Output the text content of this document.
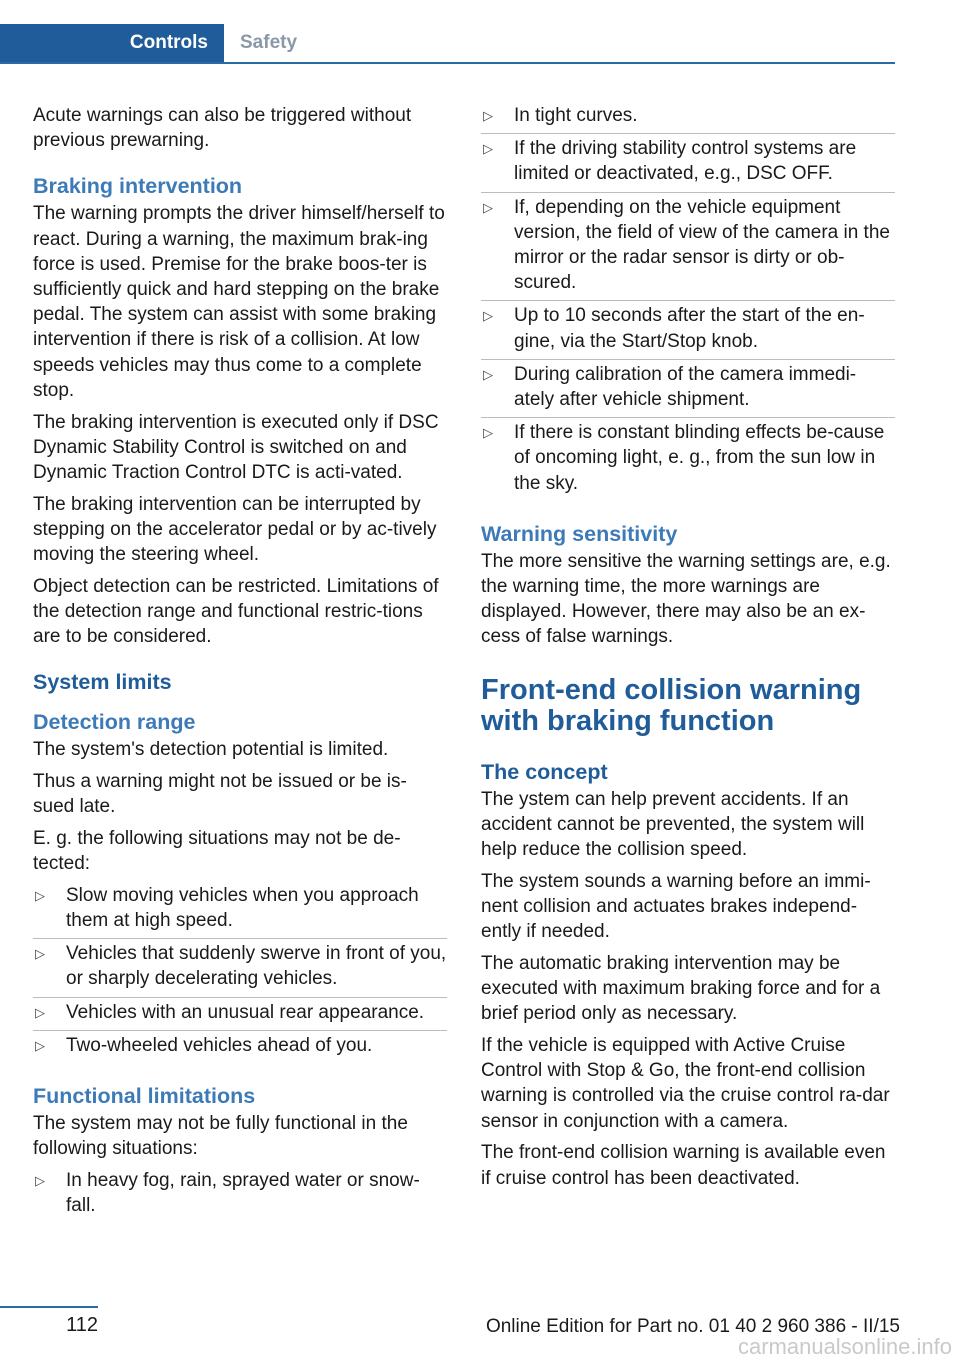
Controls Safety

Acute warnings can also be triggered without previous prewarning.

Braking intervention

The warning prompts the driver himself/herself to react. During a warning, the maximum brak‐ing force is used. Premise for the brake boos‐ter is sufficiently quick and hard stepping on the brake pedal. The system can assist with some braking intervention if there is risk of a collision. At low speeds vehicles may thus come to a complete stop.

The braking intervention is executed only if DSC Dynamic Stability Control is switched on and Dynamic Traction Control DTC is acti‐vated.

The braking intervention can be interrupted by stepping on the accelerator pedal or by ac‐tively moving the steering wheel.

Object detection can be restricted. Limitations of the detection range and functional restric‐tions are to be considered.

System limits
Detection range

The system's detection potential is limited.

Thus a warning might not be issued or be is‐sued late.

E. g. the following situations may not be de‐tected:

▷ Slow moving vehicles when you approach them at high speed.
▷ Vehicles that suddenly swerve in front of you, or sharply decelerating vehicles.
▷ Vehicles with an unusual rear appearance.
▷ Two-wheeled vehicles ahead of you.
Functional limitations

The system may not be fully functional in the following situations:

▷ In heavy fog, rain, sprayed water or snow‐fall.
▷ In tight curves.
▷ If the driving stability control systems are limited or deactivated, e.g., DSC OFF.
▷ If, depending on the vehicle equipment version, the field of view of the camera in the mirror or the radar sensor is dirty or ob‐scured.
▷ Up to 10 seconds after the start of the en‐gine, via the Start/Stop knob.
▷ During calibration of the camera immedi‐ately after vehicle shipment.
▷ If there is constant blinding effects be‐cause of oncoming light, e. g., from the sun low in the sky.
Warning sensitivity

The more sensitive the warning settings are, e.g. the warning time, the more warnings are displayed. However, there may also be an ex‐cess of false warnings.

Front-end collision warning with braking function
The concept

The ystem can help prevent accidents. If an accident cannot be prevented, the system will help reduce the collision speed.

The system sounds a warning before an immi‐nent collision and actuates brakes independ‐ently if needed.

The automatic braking intervention may be executed with maximum braking force and for a brief period only as necessary.

If the vehicle is equipped with Active Cruise Control with Stop & Go, the front-end collision warning is controlled via the cruise control ra‐dar sensor in conjunction with a camera.

The front-end collision warning is available even if cruise control has been deactivated.

112	Online Edition for Part no. 01 40 2 960 386 - II/15
carmanualsonline.info
